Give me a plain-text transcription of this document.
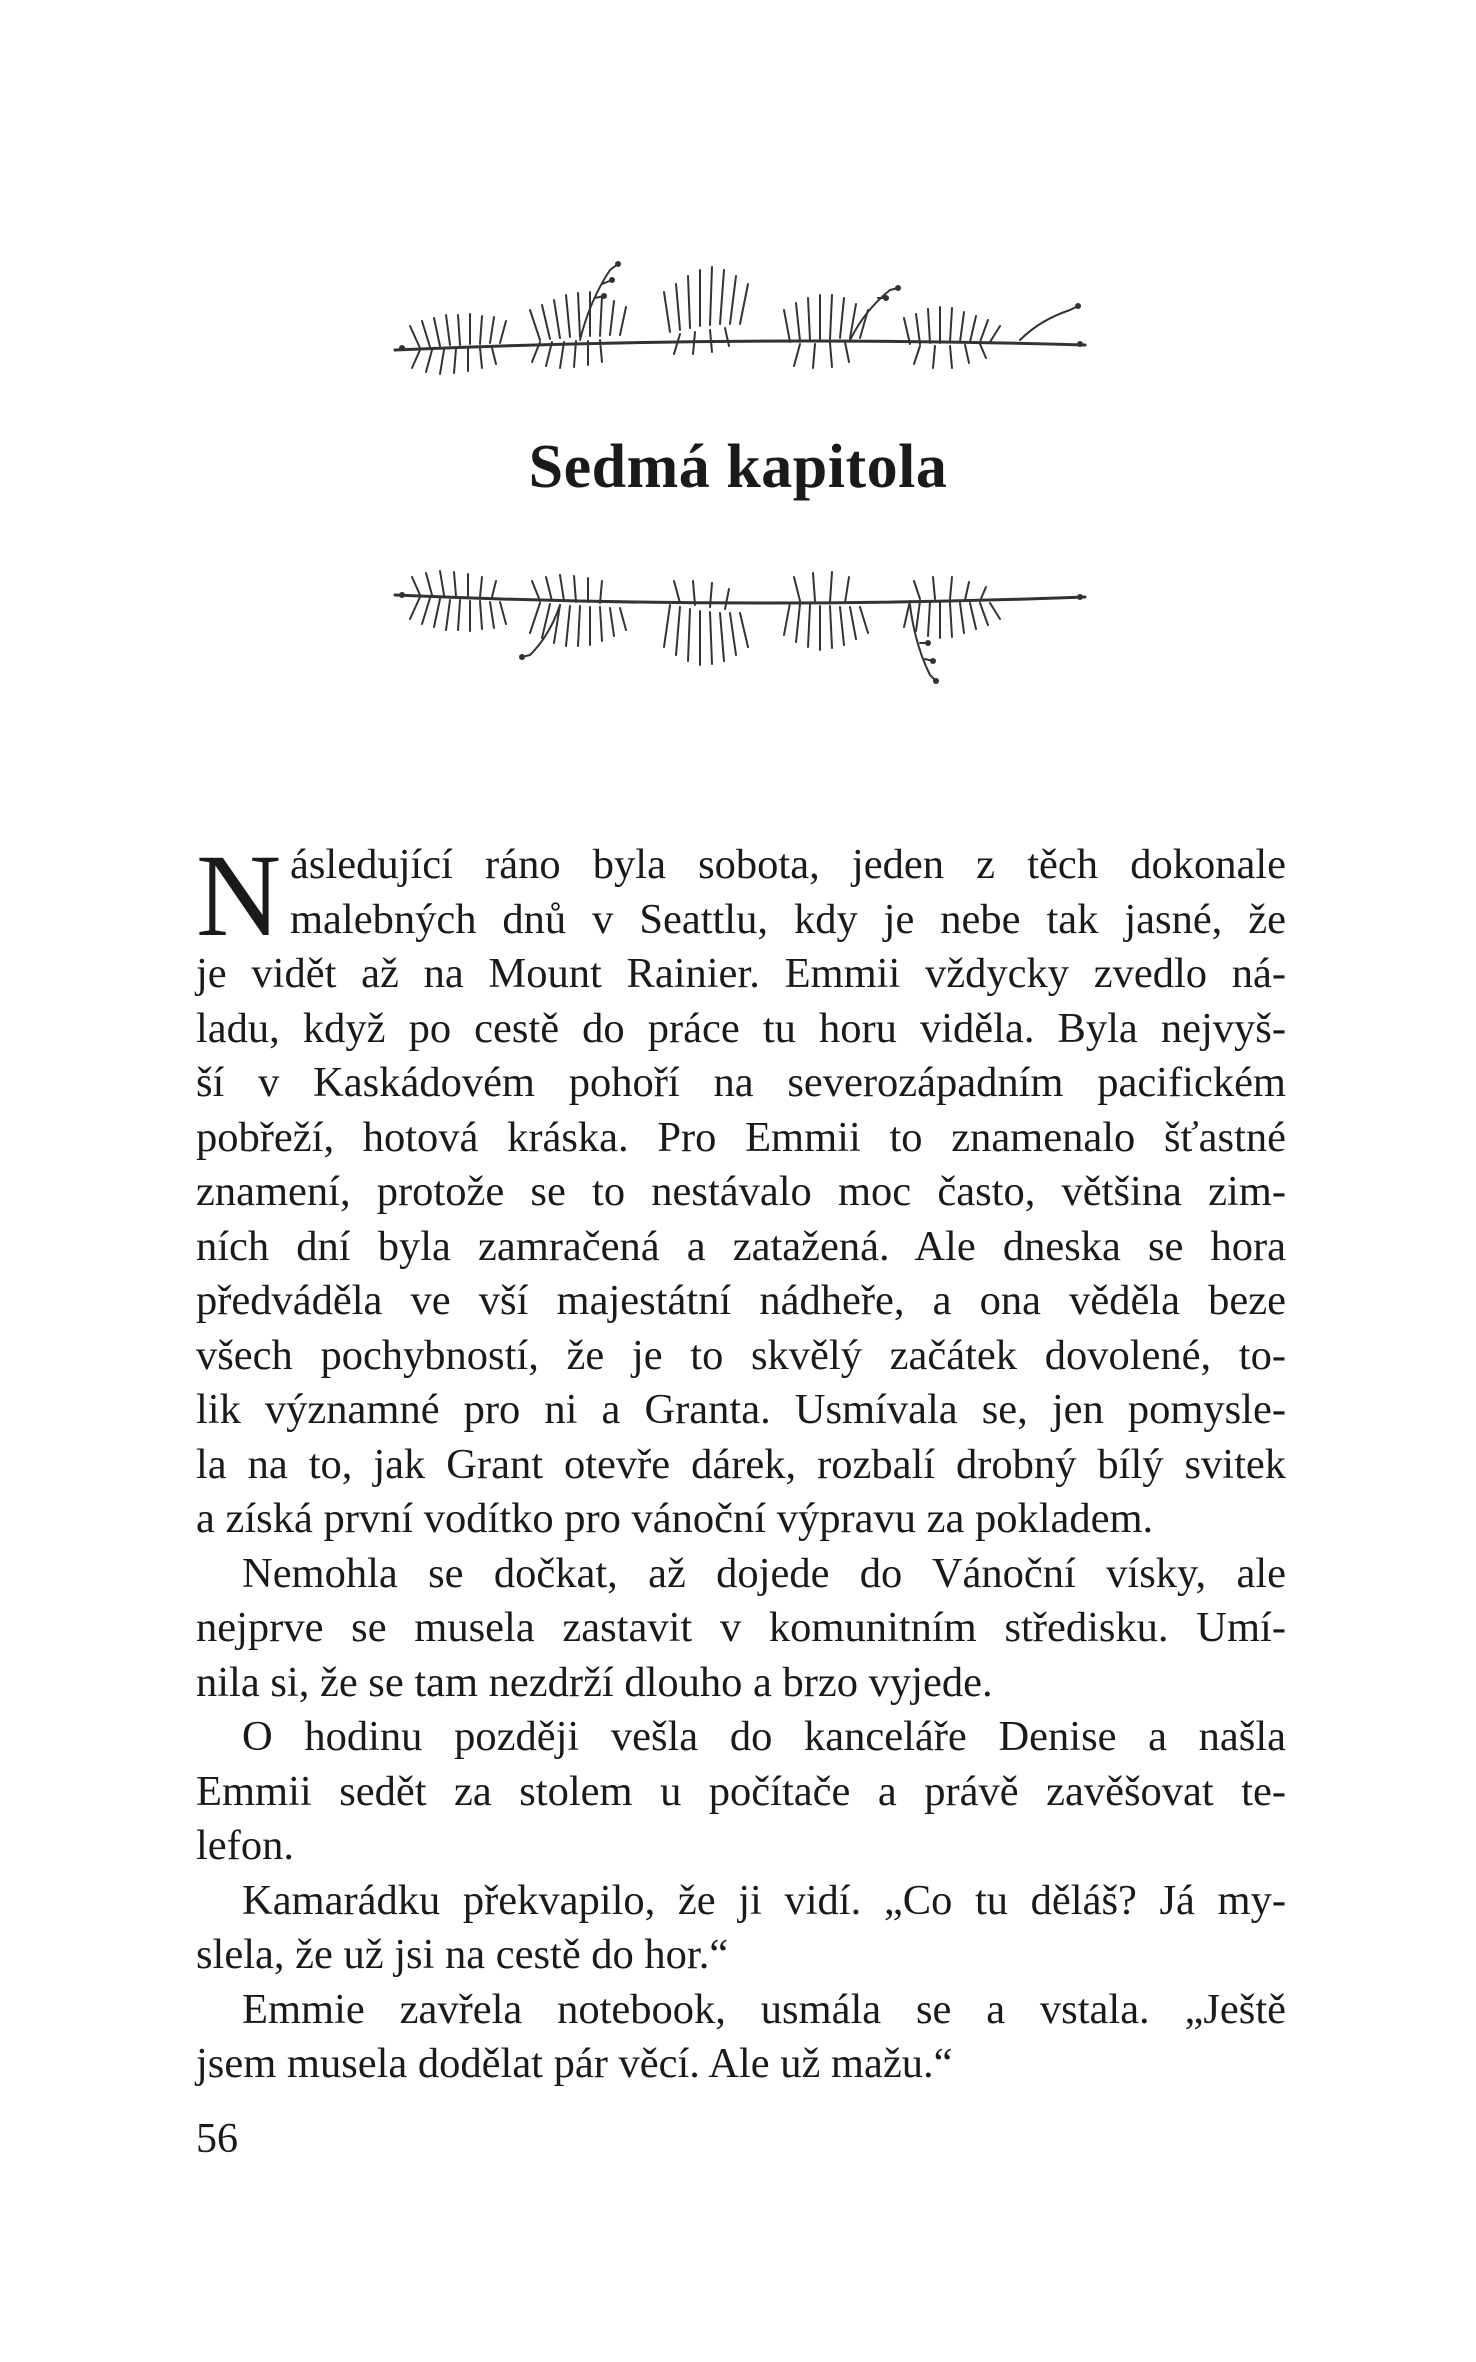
Sedmá kapitola
N ásledující ráno byla sobota, jeden z těch dokonale
malebných dnů v Seattlu, kdy je nebe tak jasné, že
je vidět až na Mount Rainier. Emmii vždycky zvedlo ná-
ladu, když po cestě do práce tu horu viděla. Byla nejvyš-
ší v Kaskádovém pohoří na severozápadním pacifickém
pobřeží, hotová kráska. Pro Emmii to znamenalo šťastné
znamení, protože se to nestávalo moc často, většina zim-
ních dní byla zamračená a zatažená. Ale dneska se hora
předváděla ve vší majestátní nádheře, a ona věděla beze
všech pochybností, že je to skvělý začátek dovolené, to-
lik významné pro ni a Granta. Usmívala se, jen pomysle-
la na to, jak Grant otevře dárek, rozbalí drobný bílý svitek
a získá první vodítko pro vánoční výpravu za pokladem.
Nemohla se dočkat, až dojede do Vánoční vísky, ale
nejprve se musela zastavit v komunitním středisku. Umí-
nila si, že se tam nezdrží dlouho a brzo vyjede.
O hodinu později vešla do kanceláře Denise a našla
Emmii sedět za stolem u počítače a právě zavěšovat te-
lefon.
Kamarádku překvapilo, že ji vidí. „Co tu děláš? Já my-
slela, že už jsi na cestě do hor.“
Emmie zavřela notebook, usmála se a vstala. „Ještě
jsem musela dodělat pár věcí. Ale už mažu.“
56
